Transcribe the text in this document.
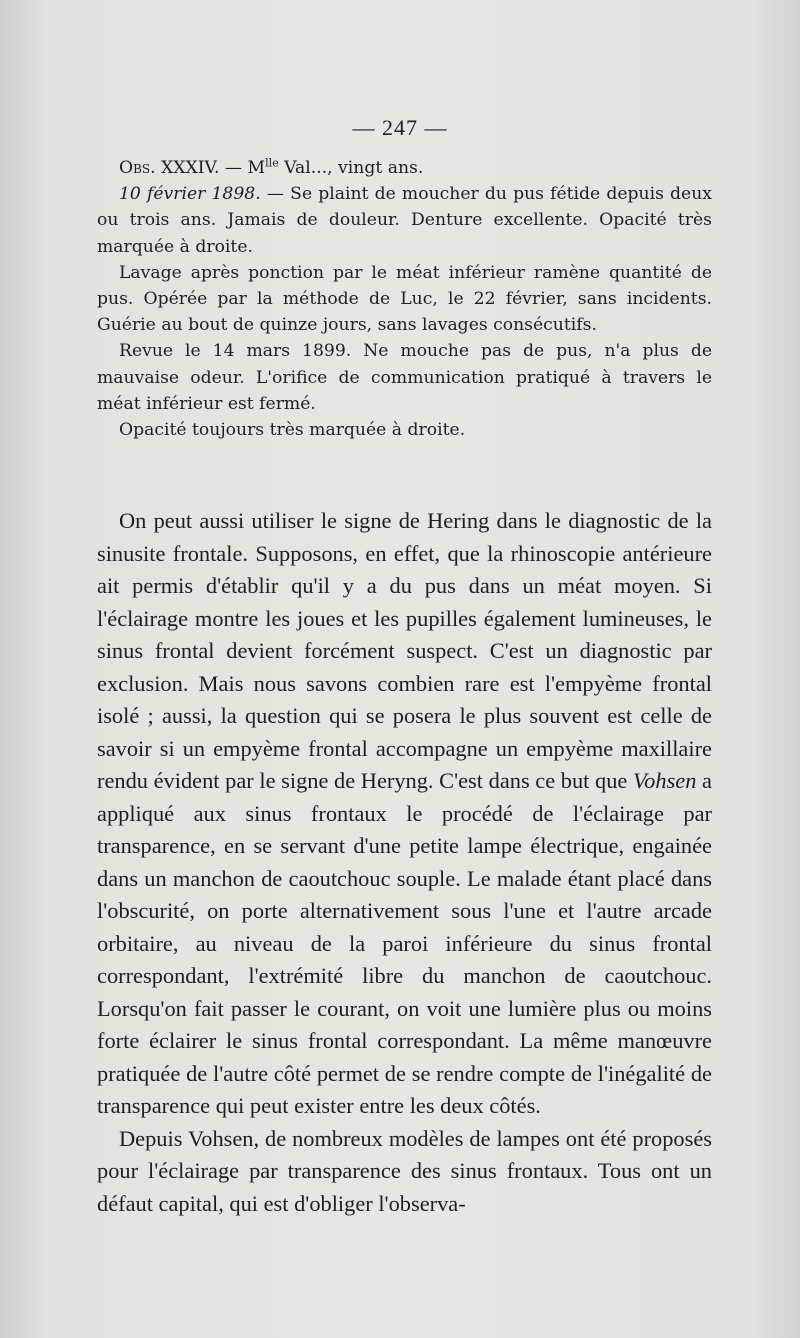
— 247 —

Obs. XXXIV. — $M^{lle}$ Val..., vingt ans.

10 février 1898. — Se plaint de moucher du pus fétide depuis deux ou trois ans. Jamais de douleur. Denture excellente. Opacité très marquée à droite.

Lavage après ponction par le méat inférieur ramène quantité de pus. Opérée par la méthode de Luc, le 22 février, sans incidents. Guérie au bout de quinze jours, sans lavages consécutifs.

Revue le 14 mars 1899. Ne mouche pas de pus, n'a plus de mauvaise odeur. L'orifice de communication pratiqué à travers le méat inférieur est fermé.

Opacité toujours très marquée à droite.

On peut aussi utiliser le signe de Hering dans le diagnostic de la sinusite frontale. Supposons, en effet, que la rhinoscopie antérieure ait permis d'établir qu'il y a du pus dans un méat moyen. Si l'éclairage montre les joues et les pupilles également lumineuses, le sinus frontal devient forcément suspect. C'est un diagnostic par exclusion. Mais nous savons combien rare est l'empyème frontal isolé ; aussi, la question qui se posera le plus souvent est celle de savoir si un empyème frontal accompagne un empyème maxillaire rendu évident par le signe de Heryng. C'est dans ce but que Vohsen a appliqué aux sinus frontaux le procédé de l'éclairage par transparence, en se servant d'une petite lampe électrique, engainée dans un manchon de caoutchouc souple. Le malade étant placé dans l'obscurité, on porte alternativement sous l'une et l'autre arcade orbitaire, au niveau de la paroi inférieure du sinus frontal correspondant, l'extrémité libre du manchon de caoutchouc. Lorsqu'on fait passer le courant, on voit une lumière plus ou moins forte éclairer le sinus frontal correspondant. La même manœuvre pratiquée de l'autre côté permet de se rendre compte de l'inégalité de transparence qui peut exister entre les deux côtés.

Depuis Vohsen, de nombreux modèles de lampes ont été proposés pour l'éclairage par transparence des sinus frontaux. Tous ont un défaut capital, qui est d'obliger l'observa-
